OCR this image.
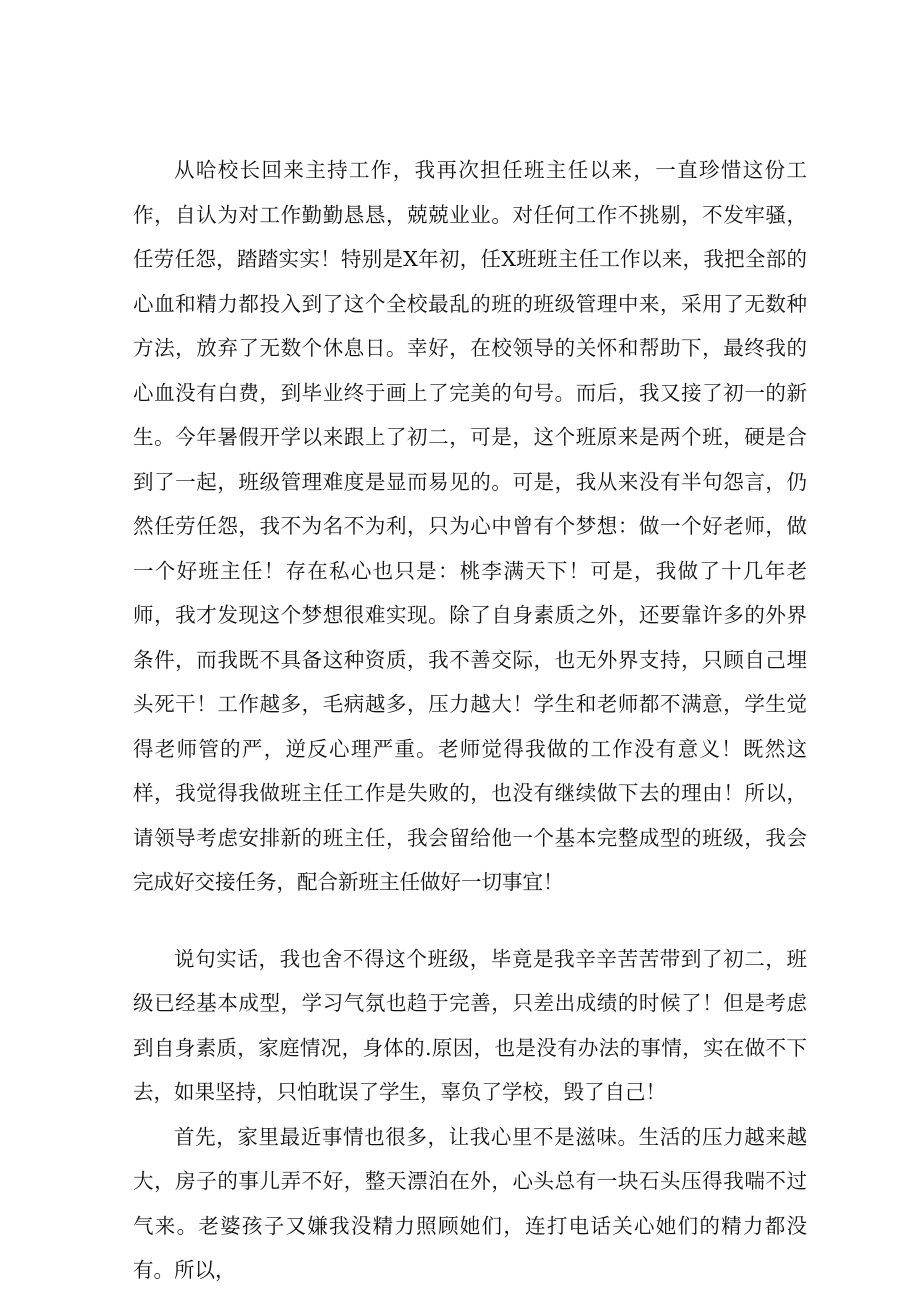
从哈校长回来主持工作，我再次担任班主任以来，一直珍惜这份工作，自认为对工作勤勤恳恳，兢兢业业。对任何工作不挑剔，不发牢骚，任劳任怨，踏踏实实！特别是X年初，任X班班主任工作以来，我把全部的心血和精力都投入到了这个全校最乱的班的班级管理中来，采用了无数种方法，放弃了无数个休息日。幸好，在校领导的关怀和帮助下，最终我的心血没有白费，到毕业终于画上了完美的句号。而后，我又接了初一的新生。今年暑假开学以来跟上了初二，可是，这个班原来是两个班，硬是合到了一起，班级管理难度是显而易见的。可是，我从来没有半句怨言，仍然任劳任怨，我不为名不为利，只为心中曾有个梦想：做一个好老师，做一个好班主任！存在私心也只是：桃李满天下！可是，我做了十几年老师，我才发现这个梦想很难实现。除了自身素质之外，还要靠许多的外界条件，而我既不具备这种资质，我不善交际，也无外界支持，只顾自己埋头死干！工作越多，毛病越多，压力越大！学生和老师都不满意，学生觉得老师管的严，逆反心理严重。老师觉得我做的工作没有意义！既然这样，我觉得我做班主任工作是失败的，也没有继续做下去的理由！所以，请领导考虑安排新的班主任，我会留给他一个基本完整成型的班级，我会完成好交接任务，配合新班主任做好一切事宜！

说句实话，我也舍不得这个班级，毕竟是我辛辛苦苦带到了初二，班级已经基本成型，学习气氛也趋于完善，只差出成绩的时候了！但是考虑到自身素质，家庭情况，身体的.原因，也是没有办法的事情，实在做不下去，如果坚持，只怕耽误了学生，辜负了学校，毁了自己！

首先，家里最近事情也很多，让我心里不是滋味。生活的压力越来越大，房子的事儿弄不好，整天漂泊在外，心头总有一块石头压得我喘不过气来。老婆孩子又嫌我没精力照顾她们，连打电话关心她们的精力都没有。所以，
